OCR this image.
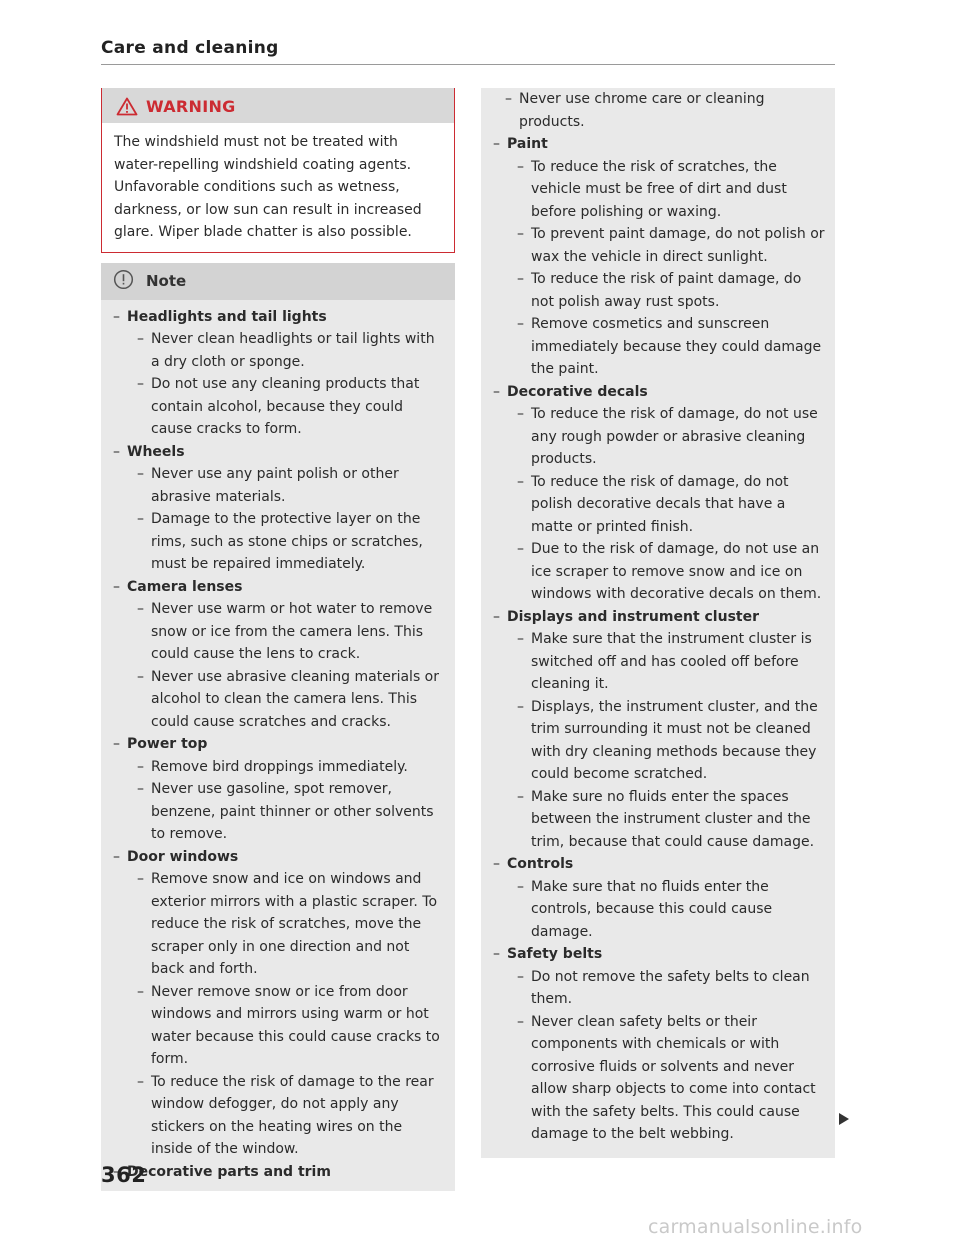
Care and cleaning
WARNING
The windshield must not be treated with water-repelling windshield coating agents. Unfavorable conditions such as wetness, darkness, or low sun can result in increased glare. Wiper blade chatter is also possible.
Note
– Headlights and tail lights
– Never clean headlights or tail lights with a dry cloth or sponge.
– Do not use any cleaning products that contain alcohol, because they could cause cracks to form.
– Wheels
– Never use any paint polish or other abrasive materials.
– Damage to the protective layer on the rims, such as stone chips or scratches, must be repaired immediately.
– Camera lenses
– Never use warm or hot water to remove snow or ice from the camera lens. This could cause the lens to crack.
– Never use abrasive cleaning materials or alcohol to clean the camera lens. This could cause scratches and cracks.
– Power top
– Remove bird droppings immediately.
– Never use gasoline, spot remover, benzene, paint thinner or other solvents to remove.
– Door windows
– Remove snow and ice on windows and exterior mirrors with a plastic scraper. To reduce the risk of scratches, move the scraper only in one direction and not back and forth.
– Never remove snow or ice from door windows and mirrors using warm or hot water because this could cause cracks to form.
– To reduce the risk of damage to the rear window defogger, do not apply any stickers on the heating wires on the inside of the window.
– Decorative parts and trim
– Never use chrome care or cleaning products.
– Paint
– To reduce the risk of scratches, the vehicle must be free of dirt and dust before polishing or waxing.
– To prevent paint damage, do not polish or wax the vehicle in direct sunlight.
– To reduce the risk of paint damage, do not polish away rust spots.
– Remove cosmetics and sunscreen immediately because they could damage the paint.
– Decorative decals
– To reduce the risk of damage, do not use any rough powder or abrasive cleaning products.
– To reduce the risk of damage, do not polish decorative decals that have a matte or printed finish.
– Due to the risk of damage, do not use an ice scraper to remove snow and ice on windows with decorative decals on them.
– Displays and instrument cluster
– Make sure that the instrument cluster is switched off and has cooled off before cleaning it.
– Displays, the instrument cluster, and the trim surrounding it must not be cleaned with dry cleaning methods because they could become scratched.
– Make sure no fluids enter the spaces between the instrument cluster and the trim, because that could cause damage.
– Controls
– Make sure that no fluids enter the controls, because this could cause damage.
– Safety belts
– Do not remove the safety belts to clean them.
– Never clean safety belts or their components with chemicals or with corrosive fluids or solvents and never allow sharp objects to come into contact with the safety belts. This could cause damage to the belt webbing.
362
carmanualsonline.info
